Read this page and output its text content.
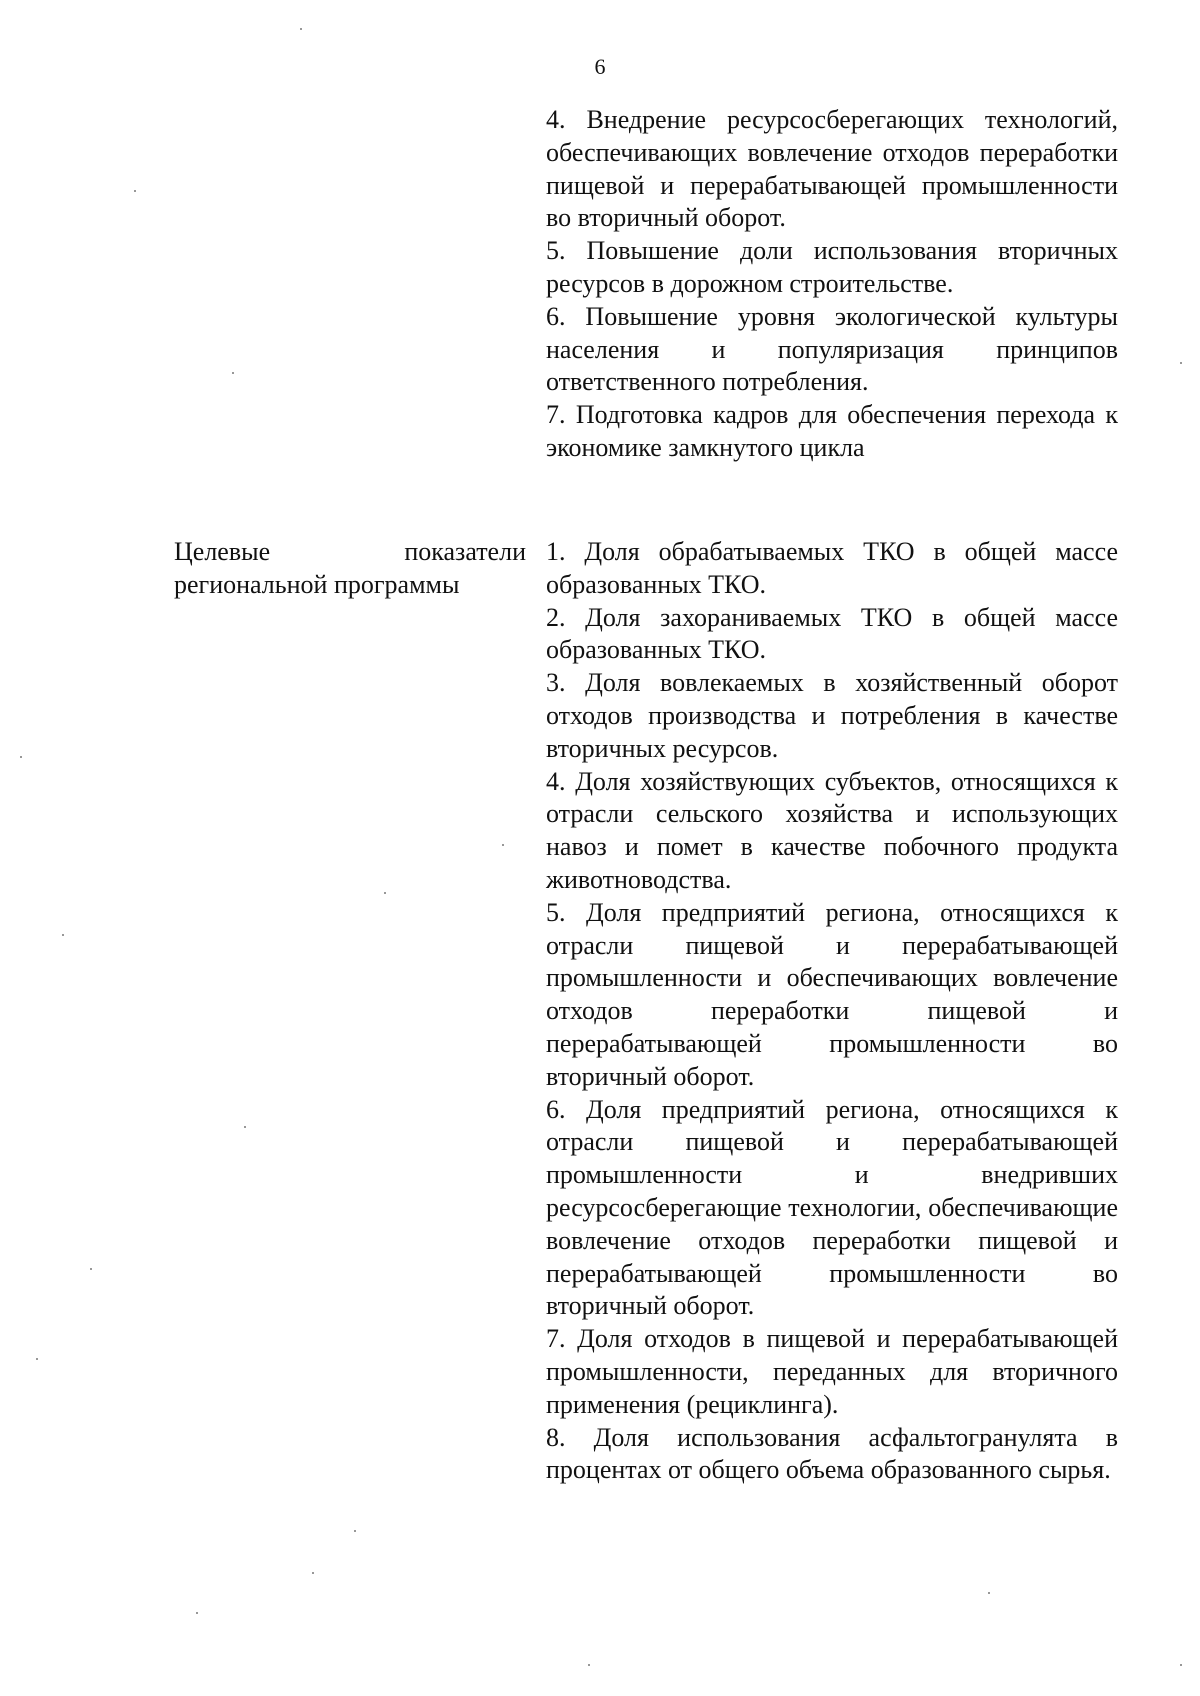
6

4. Внедрение ресурсосберегающих технологий, обеспечивающих вовлечение отходов переработки пищевой и перерабатывающей промышленности во вторичный оборот.

5. Повышение доли использования вторичных ресурсов в дорожном строительстве.

6. Повышение уровня экологической культуры населения и популяризация принципов ответственного потребления.

7. Подготовка кадров для обеспечения перехода к экономике замкнутого цикла

Целевые показатели региональной программы

1. Доля обрабатываемых ТКО в общей массе образованных ТКО.

2. Доля захораниваемых ТКО в общей массе образованных ТКО.

3. Доля вовлекаемых в хозяйственный оборот отходов производства и потребления в качестве вторичных ресурсов.

4. Доля хозяйствующих субъектов, относящихся к отрасли сельского хозяйства и использующих навоз и помет в качестве побочного продукта животноводства.

5. Доля предприятий региона, относящихся к отрасли пищевой и перерабатывающей промышленности и обеспечивающих вовлечение отходов переработки пищевой и перерабатывающей промышленности во вторичный оборот.

6. Доля предприятий региона, относящихся к отрасли пищевой и перерабатывающей промышленности и внедривших ресурсосберегающие технологии, обеспечивающие вовлечение отходов переработки пищевой и перерабатывающей промышленности во вторичный оборот.

7. Доля отходов в пищевой и перерабатывающей промышленности, переданных для вторичного применения (рециклинга).

8. Доля использования асфальтогранулята в процентах от общего объема образованного сырья.
